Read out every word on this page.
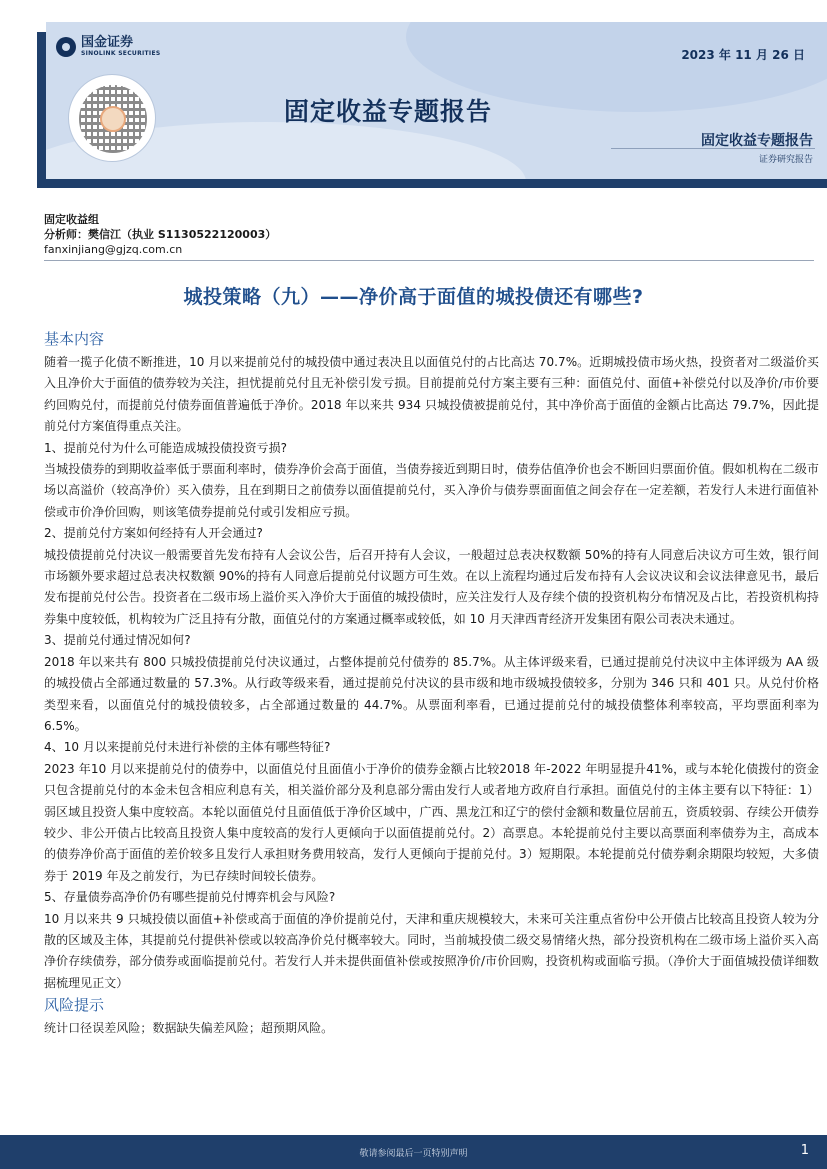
国金证券
SINOLINK SECURITIES	2023 年 11 月 26 日
固定收益专题报告
固定收益专题报告
证券研究报告
固定收益组
分析师：樊信江（执业 S1130522120003）
fanxinjiang@gjzq.com.cn
城投策略（九）——净价高于面值的城投债还有哪些?
基本内容

随着一揽子化债不断推进，10 月以来提前兑付的城投债中通过表决且以面值兑付的占比高达 70.7%。近期城投债市场火热，投资者对二级溢价买入且净价大于面值的债券较为关注，担忧提前兑付且无补偿引发亏损。目前提前兑付方案主要有三种：面值兑付、面值+补偿兑付以及净价/市价要约回购兑付，而提前兑付债券面值普遍低于净价。2018 年以来共 934 只城投债被提前兑付，其中净价高于面值的金额占比高达 79.7%，因此提前兑付方案值得重点关注。

1、提前兑付为什么可能造成城投债投资亏损?

当城投债券的到期收益率低于票面利率时，债券净价会高于面值，当债券接近到期日时，债券估值净价也会不断回归票面价值。假如机构在二级市场以高溢价（较高净价）买入债券，且在到期日之前债券以面值提前兑付，买入净价与债券票面面值之间会存在一定差额，若发行人未进行面值补偿或市价净价回购，则该笔债券提前兑付或引发相应亏损。

2、提前兑付方案如何经持有人开会通过?

城投债提前兑付决议一般需要首先发布持有人会议公告，后召开持有人会议，一般超过总表决权数额 50%的持有人同意后决议方可生效，银行间市场额外要求超过总表决权数额 90%的持有人同意后提前兑付议题方可生效。在以上流程均通过后发布持有人会议决议和会议法律意见书，最后发布提前兑付公告。投资者在二级市场上溢价买入净价大于面值的城投债时，应关注发行人及存续个债的投资机构分布情况及占比，若投资机构持券集中度较低，机构较为广泛且持有分散，面值兑付的方案通过概率或较低，如 10 月天津西青经济开发集团有限公司表决未通过。

3、提前兑付通过情况如何?

2018 年以来共有 800 只城投债提前兑付决议通过，占整体提前兑付债券的 85.7%。从主体评级来看，已通过提前兑付决议中主体评级为 AA 级的城投债占全部通过数量的 57.3%。从行政等级来看，通过提前兑付决议的县市级和地市级城投债较多，分别为 346 只和 401 只。从兑付价格类型来看，以面值兑付的城投债较多，占全部通过数量的 44.7%。从票面利率看，已通过提前兑付的城投债整体利率较高，平均票面利率为 6.5%。

4、10 月以来提前兑付未进行补偿的主体有哪些特征?

2023 年10 月以来提前兑付的债券中，以面值兑付且面值小于净价的债券金额占比较2018 年-2022 年明显提升41%，或与本轮化债拨付的资金只包含提前兑付的本金未包含相应利息有关，相关溢价部分及利息部分需由发行人或者地方政府自行承担。面值兑付的主体主要有以下特征：1）弱区域且投资人集中度较高。本轮以面值兑付且面值低于净价区域中，广西、黑龙江和辽宁的偿付金额和数量位居前五，资质较弱、存续公开债券较少、非公开债占比较高且投资人集中度较高的发行人更倾向于以面值提前兑付。2）高票息。本轮提前兑付主要以高票面利率债券为主，高成本的债券净价高于面值的差价较多且发行人承担财务费用较高，发行人更倾向于提前兑付。3）短期限。本轮提前兑付债券剩余期限均较短，大多债券于 2019 年及之前发行，为已存续时间较长债券。

5、存量债券高净价仍有哪些提前兑付博弈机会与风险?

10 月以来共 9 只城投债以面值+补偿或高于面值的净价提前兑付，天津和重庆规模较大，未来可关注重点省份中公开债占比较高且投资人较为分散的区域及主体，其提前兑付提供补偿或以较高净价兑付概率较大。同时，当前城投债二级交易情绪火热，部分投资机构在二级市场上溢价买入高净价存续债券，部分债券或面临提前兑付。若发行人并未提供面值补偿或按照净价/市价回购，投资机构或面临亏损。（净价大于面值城投债详细数据梳理见正文）

风险提示

统计口径误差风险；数据缺失偏差风险；超预期风险。

敬请参阅最后一页特别声明	1
